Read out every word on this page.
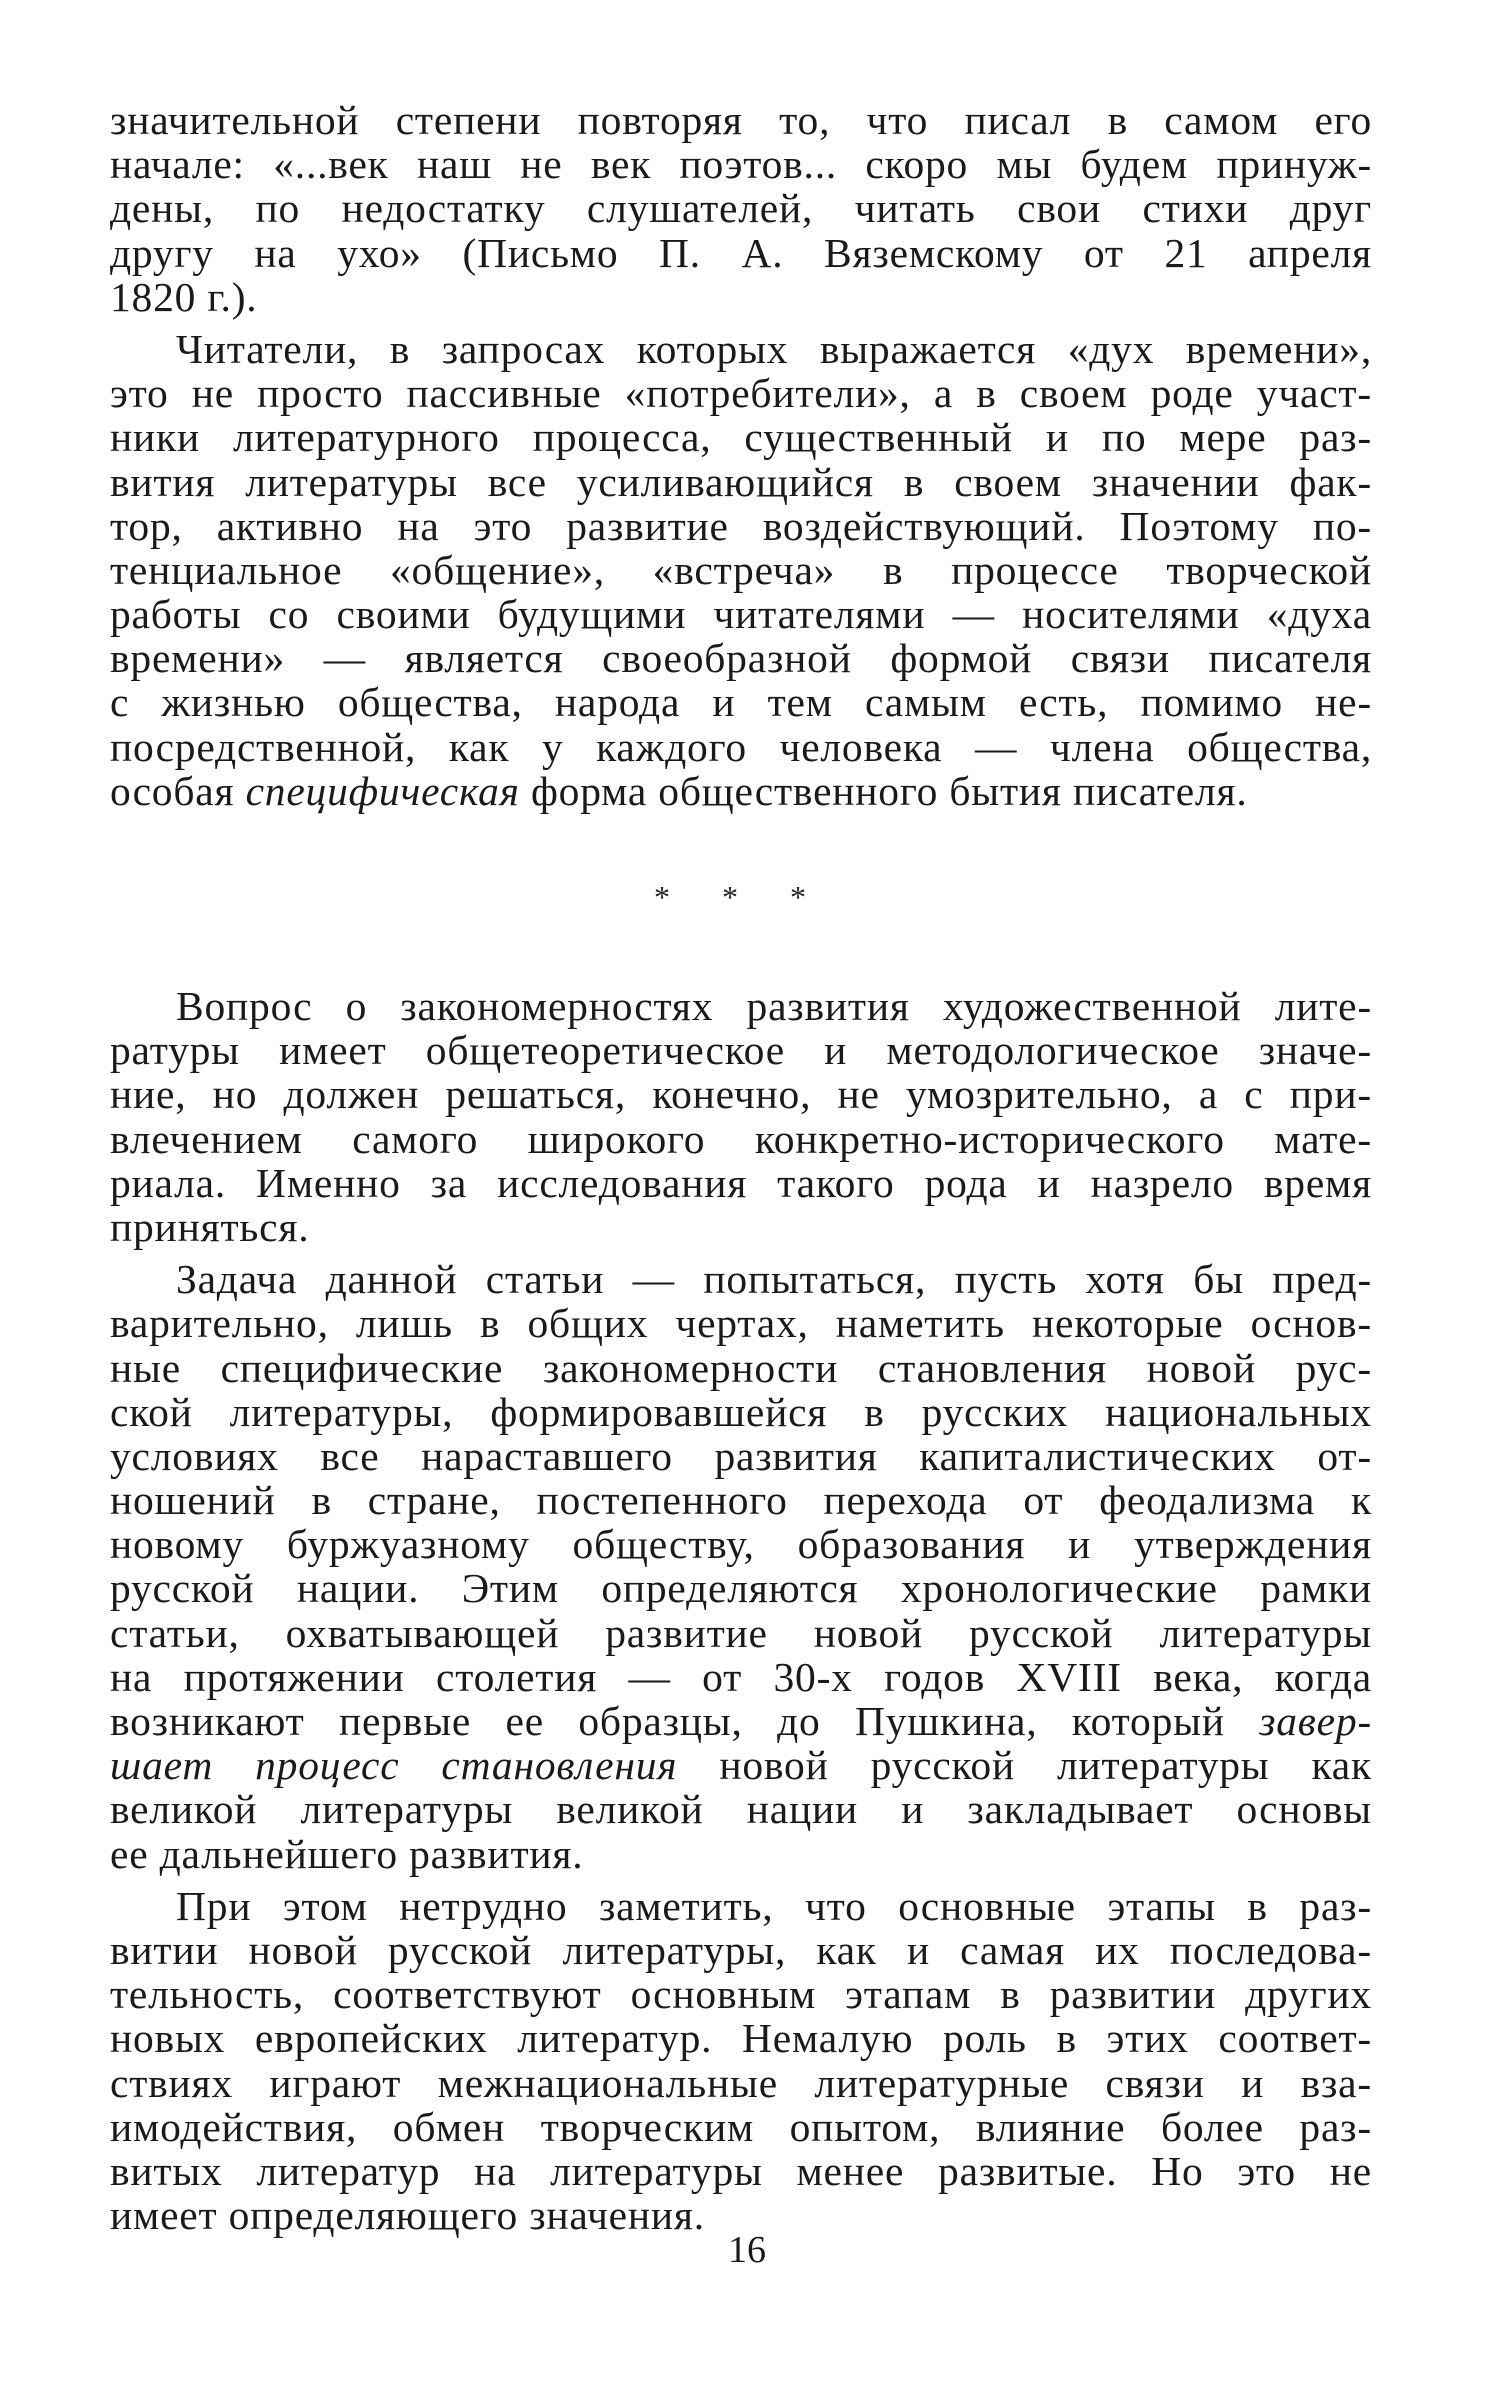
значительной степени повторяя то, что писал в самом его
начале: «...век наш не век поэтов... скоро мы будем принуж-
дены, по недостатку слушателей, читать свои стихи друг
другу на ухо» (Письмо П. А. Вяземскому от 21 апреля
1820 г.).
Читатели, в запросах которых выражается «дух времени»,
это не просто пассивные «потребители», а в своем роде участ-
ники литературного процесса, существенный и по мере раз-
вития литературы все усиливающийся в своем значении фак-
тор, активно на это развитие воздействующий. Поэтому по-
тенциальное «общение», «встреча» в процессе творческой
работы со своими будущими читателями — носителями «духа
времени» — является своеобразной формой связи писателя
с жизнью общества, народа и тем самым есть, помимо не-
посредственной, как у каждого человека — члена общества,
особая специфическая форма общественного бытия писателя.
* * *
Вопрос о закономерностях развития художественной лите-
ратуры имеет общетеоретическое и методологическое значе-
ние, но должен решаться, конечно, не умозрительно, а с при-
влечением самого широкого конкретно-исторического мате-
риала. Именно за исследования такого рода и назрело время
приняться.
Задача данной статьи — попытаться, пусть хотя бы пред-
варительно, лишь в общих чертах, наметить некоторые основ-
ные специфические закономерности становления новой рус-
ской литературы, формировавшейся в русских национальных
условиях все нараставшего развития капиталистических от-
ношений в стране, постепенного перехода от феодализма к
новому буржуазному обществу, образования и утверждения
русской нации. Этим определяются хронологические рамки
статьи, охватывающей развитие новой русской литературы
на протяжении столетия — от 30-х годов XVIII века, когда
возникают первые ее образцы, до Пушкина, который завер-
шает процесс становления новой русской литературы как
великой литературы великой нации и закладывает основы
ее дальнейшего развития.
При этом нетрудно заметить, что основные этапы в раз-
витии новой русской литературы, как и самая их последова-
тельность, соответствуют основным этапам в развитии других
новых европейских литератур. Немалую роль в этих соответ-
ствиях играют межнациональные литературные связи и вза-
имодействия, обмен творческим опытом, влияние более раз-
витых литератур на литературы менее развитые. Но это не
имеет определяющего значения.
16
